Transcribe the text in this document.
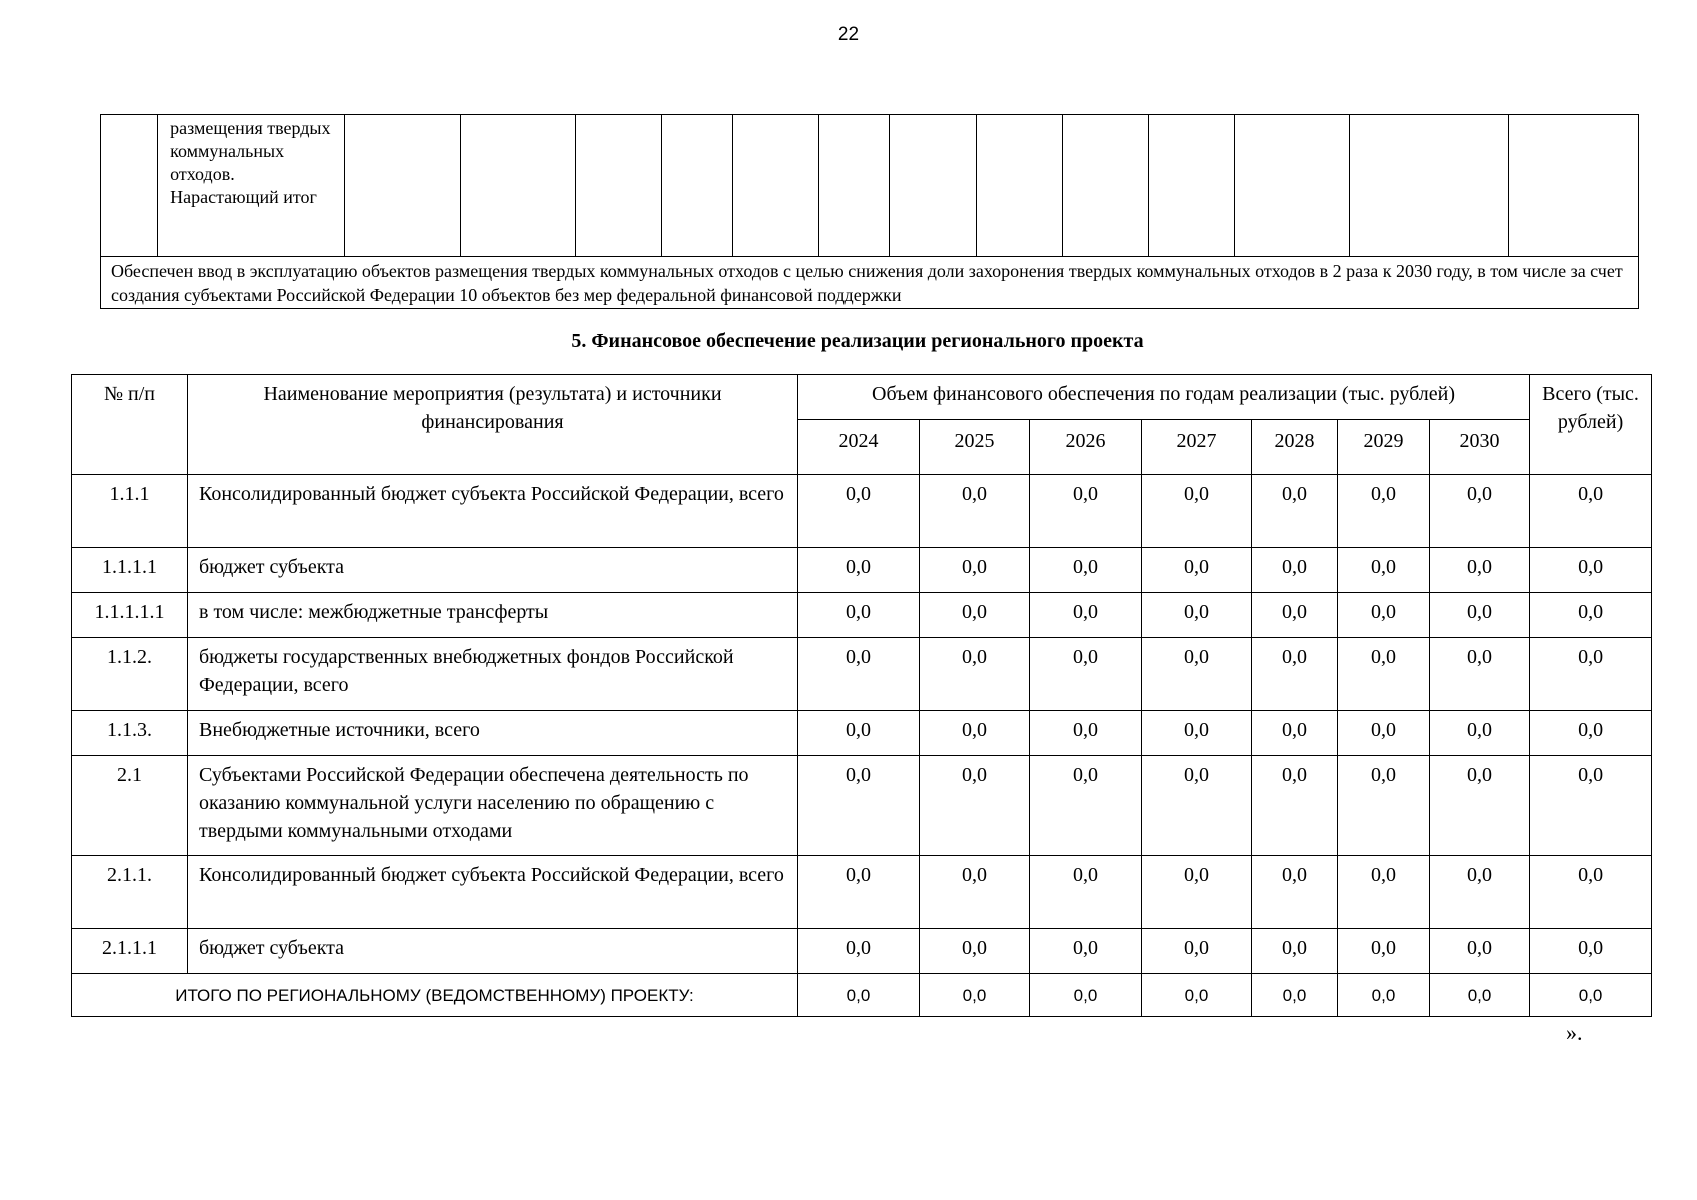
22
	размещения твердых коммунальных отходов. Нарастающий итог													
Обеспечен ввод в эксплуатацию объектов размещения твердых коммунальных отходов с целью снижения доли захоронения твердых коммунальных отходов в 2 раза к 2030 году, в том числе за счет создания субъектами Российской Федерации 10 объектов без мер федеральной финансовой поддержки
5. Финансовое обеспечение реализации регионального проекта
№ п/п	Наименование мероприятия (результата) и источники финансирования	Объем финансового обеспечения по годам реализации (тыс. рублей)							Всего (тыс. рублей)
		2024	2025	2026	2027	2028	2029	2030	
1.1.1	Консолидированный бюджет субъекта Российской Федерации, всего	0,0	0,0	0,0	0,0	0,0	0,0	0,0	0,0
1.1.1.1	бюджет субъекта	0,0	0,0	0,0	0,0	0,0	0,0	0,0	0,0
1.1.1.1.1	в том числе: межбюджетные трансферты	0,0	0,0	0,0	0,0	0,0	0,0	0,0	0,0
1.1.2.	бюджеты государственных внебюджетных фондов Российской Федерации, всего	0,0	0,0	0,0	0,0	0,0	0,0	0,0	0,0
1.1.3.	Внебюджетные источники, всего	0,0	0,0	0,0	0,0	0,0	0,0	0,0	0,0
2.1	Субъектами Российской Федерации обеспечена деятельность по оказанию коммунальной услуги населению по обращению с твердыми коммунальными отходами	0,0	0,0	0,0	0,0	0,0	0,0	0,0	0,0
2.1.1.	Консолидированный бюджет субъекта Российской Федерации, всего	0,0	0,0	0,0	0,0	0,0	0,0	0,0	0,0
2.1.1.1	бюджет субъекта	0,0	0,0	0,0	0,0	0,0	0,0	0,0	0,0
ИТОГО ПО РЕГИОНАЛЬНОМУ (ВЕДОМСТВЕННОМУ) ПРОЕКТУ:		0,0	0,0	0,0	0,0	0,0	0,0	0,0	0,0
».
